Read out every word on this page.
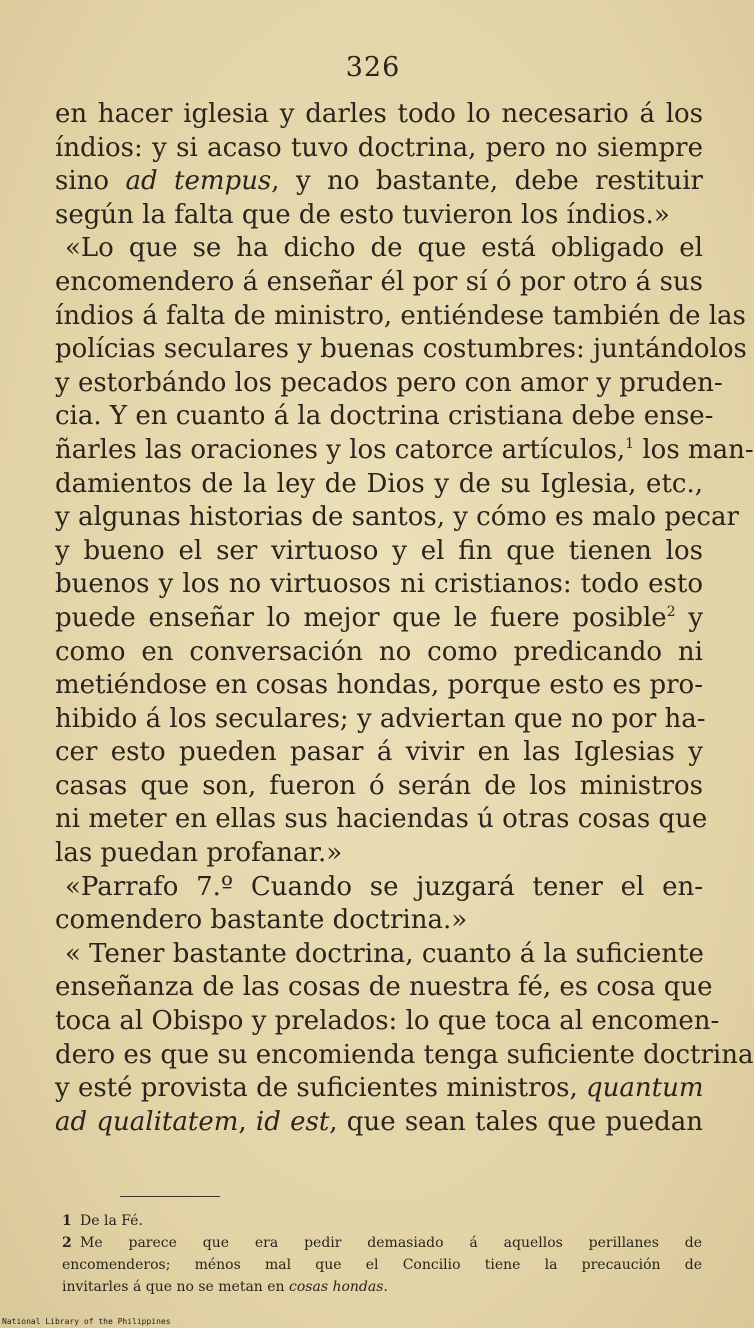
326
en hacer iglesia y darles todo lo necesario á los
índios: y si acaso tuvo doctrina, pero no siempre
sino ad tempus, y no bastante, debe restituir
según la falta que de esto tuvieron los índios.»
«Lo que se ha dicho de que está obligado el
encomendero á enseñar él por sí ó por otro á sus
índios á falta de ministro, entiéndese también de las
polícias seculares y buenas costumbres: juntándolos
y estorbándo los pecados pero con amor y pruden-
cia. Y en cuanto á la doctrina cristiana debe ense-
ñarles las oraciones y los catorce artículos,$^1$ los man-
damientos de la ley de Dios y de su Iglesia, etc.,
y algunas historias de santos, y cómo es malo pecar
y bueno el ser virtuoso y el fin que tienen los
buenos y los no virtuosos ni cristianos: todo esto
puede enseñar lo mejor que le fuere posible$^2$ y
como en conversación no como predicando ni
metiéndose en cosas hondas, porque esto es pro-
hibido á los seculares; y adviertan que no por ha-
cer esto pueden pasar á vivir en las Iglesias y
casas que son, fueron ó serán de los ministros
ni meter en ellas sus haciendas ú otras cosas que
las puedan profanar.»
«Parrafo 7.º Cuando se juzgará tener el en-
comendero bastante doctrina.»
« Tener bastante doctrina, cuanto á la suficiente
enseñanza de las cosas de nuestra fé, es cosa que
toca al Obispo y prelados: lo que toca al encomen-
dero es que su encomienda tenga suficiente doctrina
y esté provista de suficientes ministros, quantum
ad qualitatem, id est, que sean tales que puedan
1 De la Fé.
2 Me parece que era pedir demasiado á aquellos perillanes de
encomenderos; ménos mal que el Concilio tiene la precaución de
invitarles á que no se metan en cosas hondas.
National Library of the Philippines
